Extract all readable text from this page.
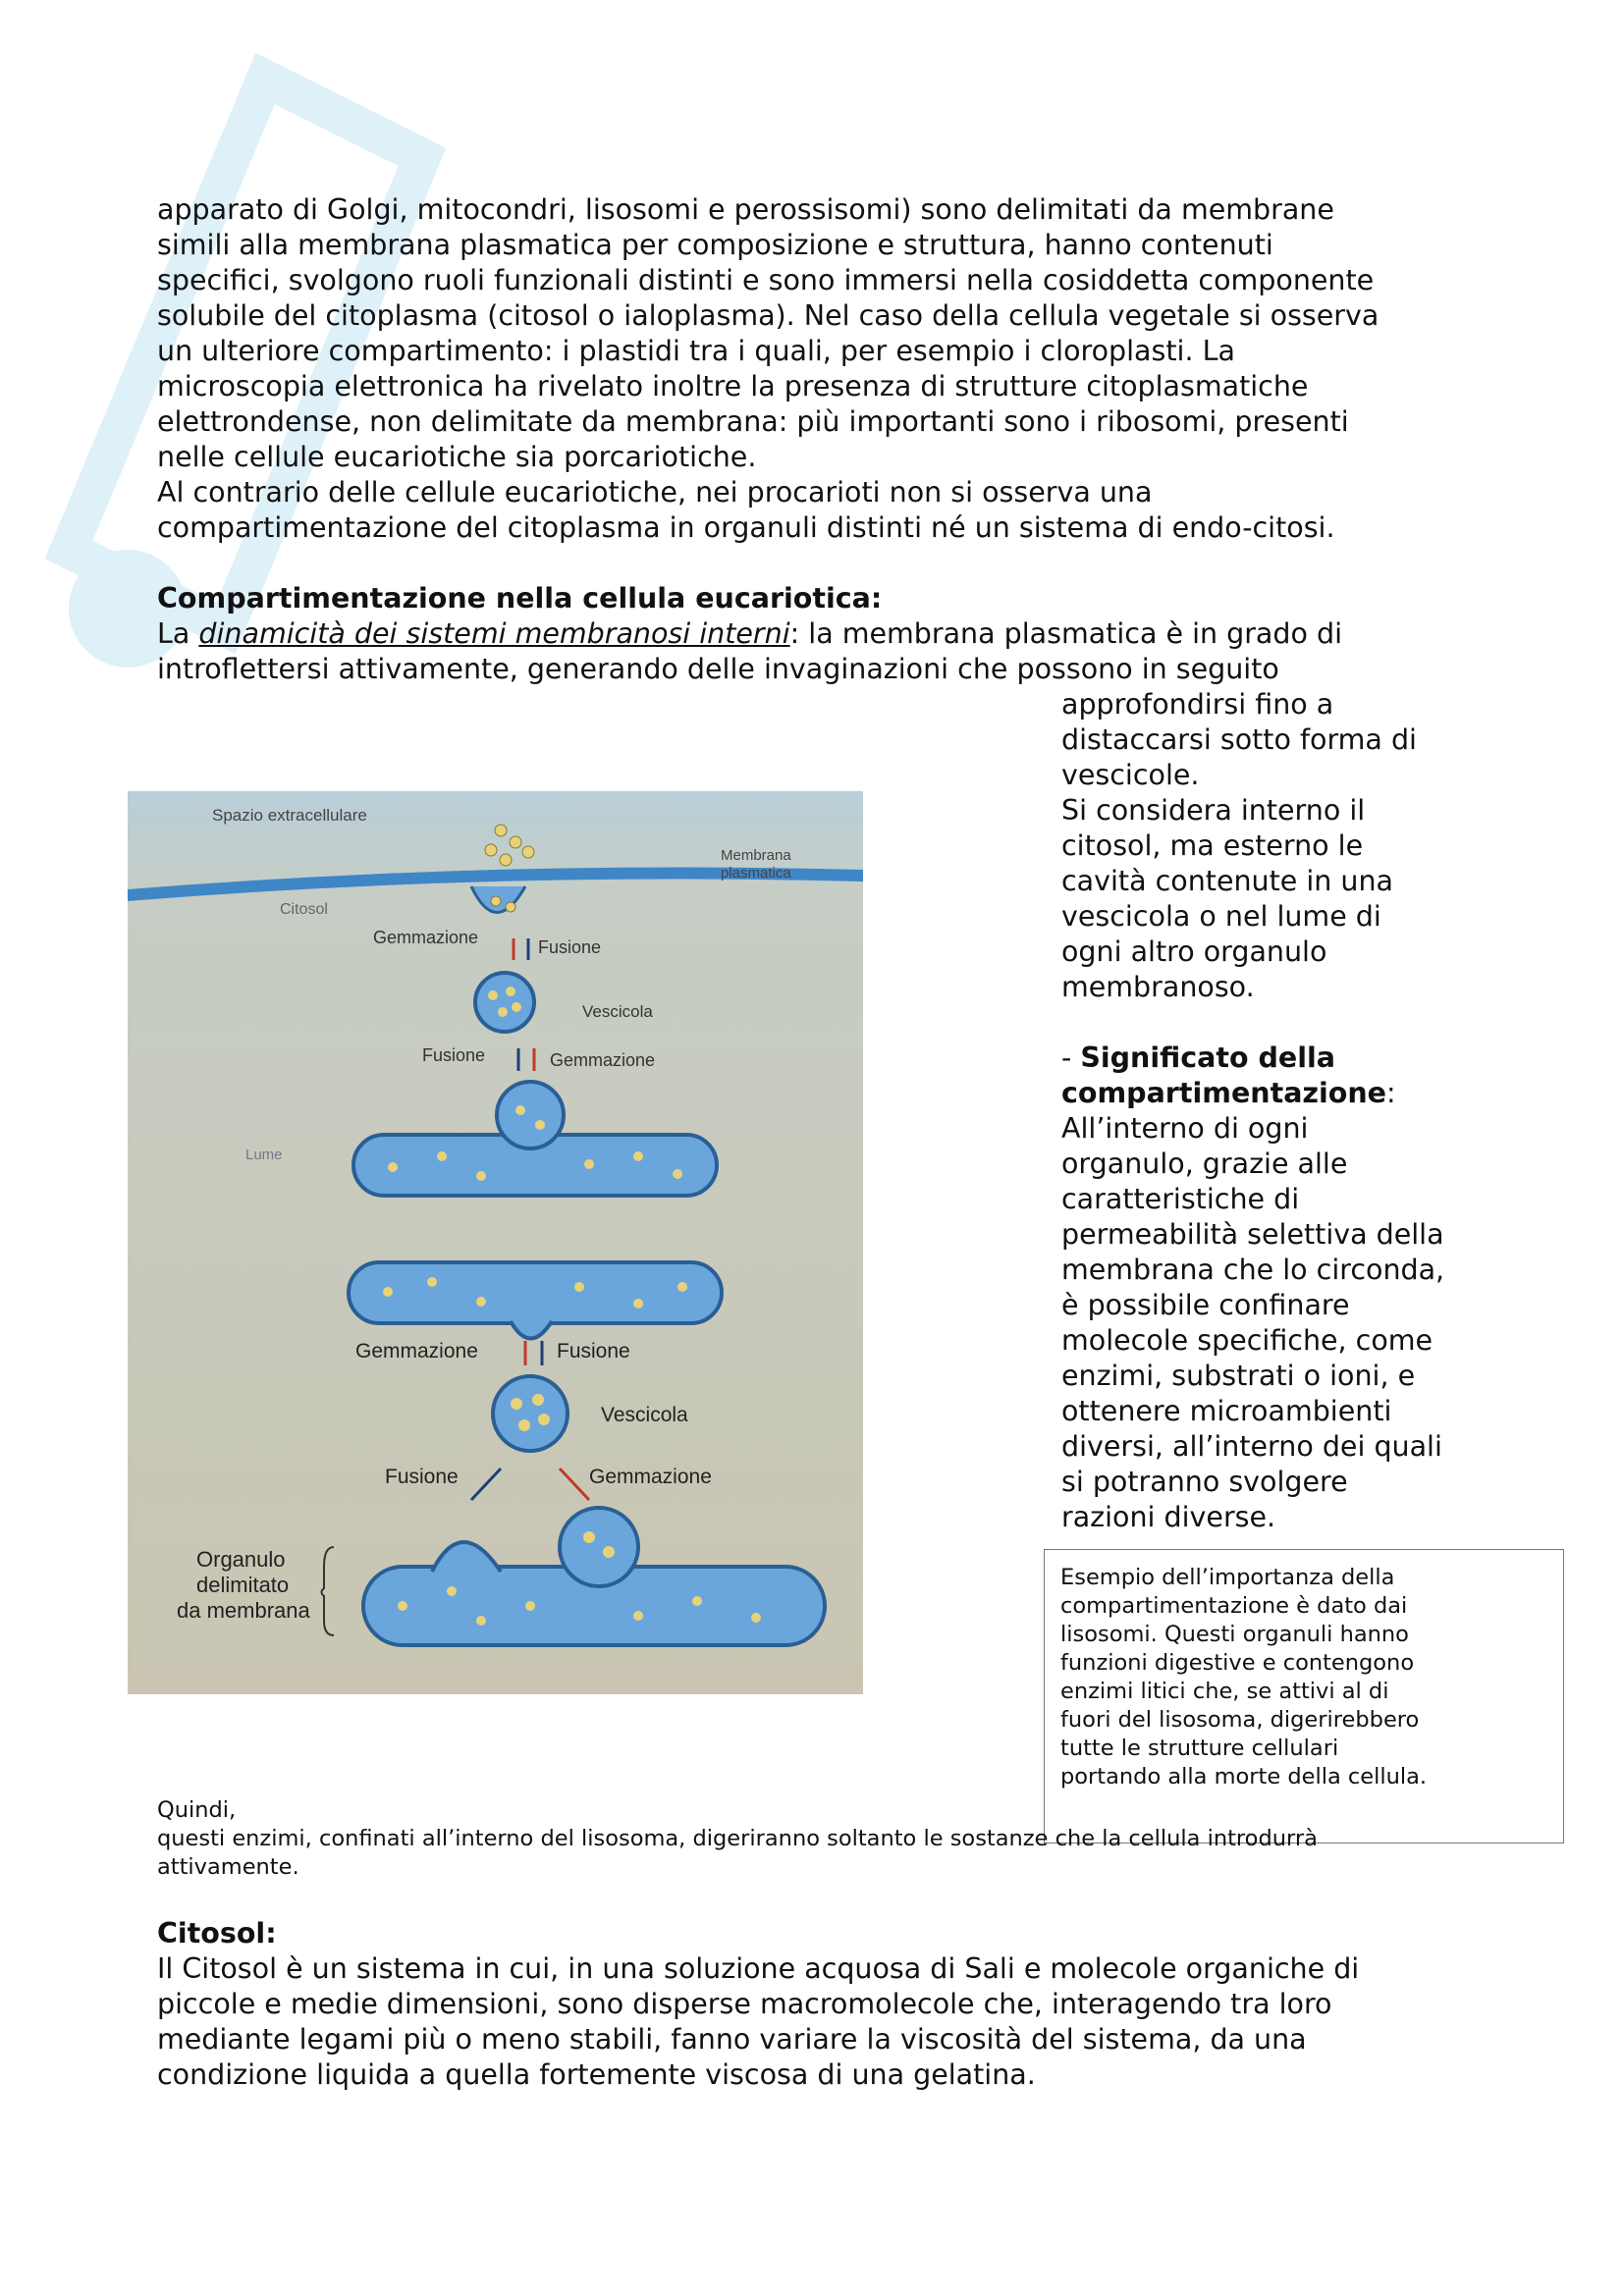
apparato di Golgi, mitocondri, lisosomi e perossisomi) sono delimitati da membrane

simili alla membrana plasmatica per composizione e struttura, hanno contenuti

specifici, svolgono ruoli funzionali distinti e sono immersi nella cosiddetta componente

solubile del citoplasma (citosol o ialoplasma). Nel caso della cellula vegetale si osserva

un ulteriore compartimento: i plastidi tra i quali, per esempio i cloroplasti. La

microscopia elettronica ha rivelato inoltre la presenza di strutture citoplasmatiche

elettrondense, non delimitate da membrana: più importanti sono i ribosomi, presenti

nelle cellule eucariotiche sia porcariotiche.

Al contrario delle cellule eucariotiche, nei procarioti non si osserva una

compartimentazione del citoplasma in organuli distinti né un sistema di endo-citosi.

Compartimentazione nella cellula eucariotica:

La dinamicità dei sistemi membranosi interni: la membrana plasmatica è in grado di

introflettersi attivamente, generando delle invaginazioni che possono in seguito

approfondirsi fino a

distaccarsi sotto forma di

vescicole.

Si considera interno il

citosol, ma esterno le

cavità contenute in una

vescicola o nel lume di

ogni altro organulo

membranoso.

- Significato della

compartimentazione:

All’interno di ogni

organulo, grazie alle

caratteristiche di

permeabilità selettiva della

membrana che lo circonda,

è possibile confinare

molecole specifiche, come

enzimi, substrati o ioni, e

ottenere microambienti

diversi, all’interno dei quali

si potranno svolgere

razioni diverse.

Spazio extracellulare
Membrana
plasmatica
Citosol
Gemmazione	Fusione
Vescicola
Fusione	Gemmazione
Lume
Gemmazione	Fusione
Vescicola
Fusione	Gemmazione
Organulo
delimitato
da membrana

Esempio dell’importanza della

compartimentazione è dato dai

lisosomi. Questi organuli hanno

funzioni digestive e contengono

enzimi litici che, se attivi al di

fuori del lisosoma, digerirebbero

tutte le strutture cellulari

portando alla morte della cellula.

Quindi,

questi enzimi, confinati all’interno del lisosoma, digeriranno soltanto le sostanze che la cellula introdurrà

attivamente.

Citosol:

Il Citosol è un sistema in cui, in una soluzione acquosa di Sali e molecole organiche di

piccole e medie dimensioni, sono disperse macromolecole che, interagendo tra loro

mediante legami più o meno stabili, fanno variare la viscosità del sistema, da una

condizione liquida a quella fortemente viscosa di una gelatina.
